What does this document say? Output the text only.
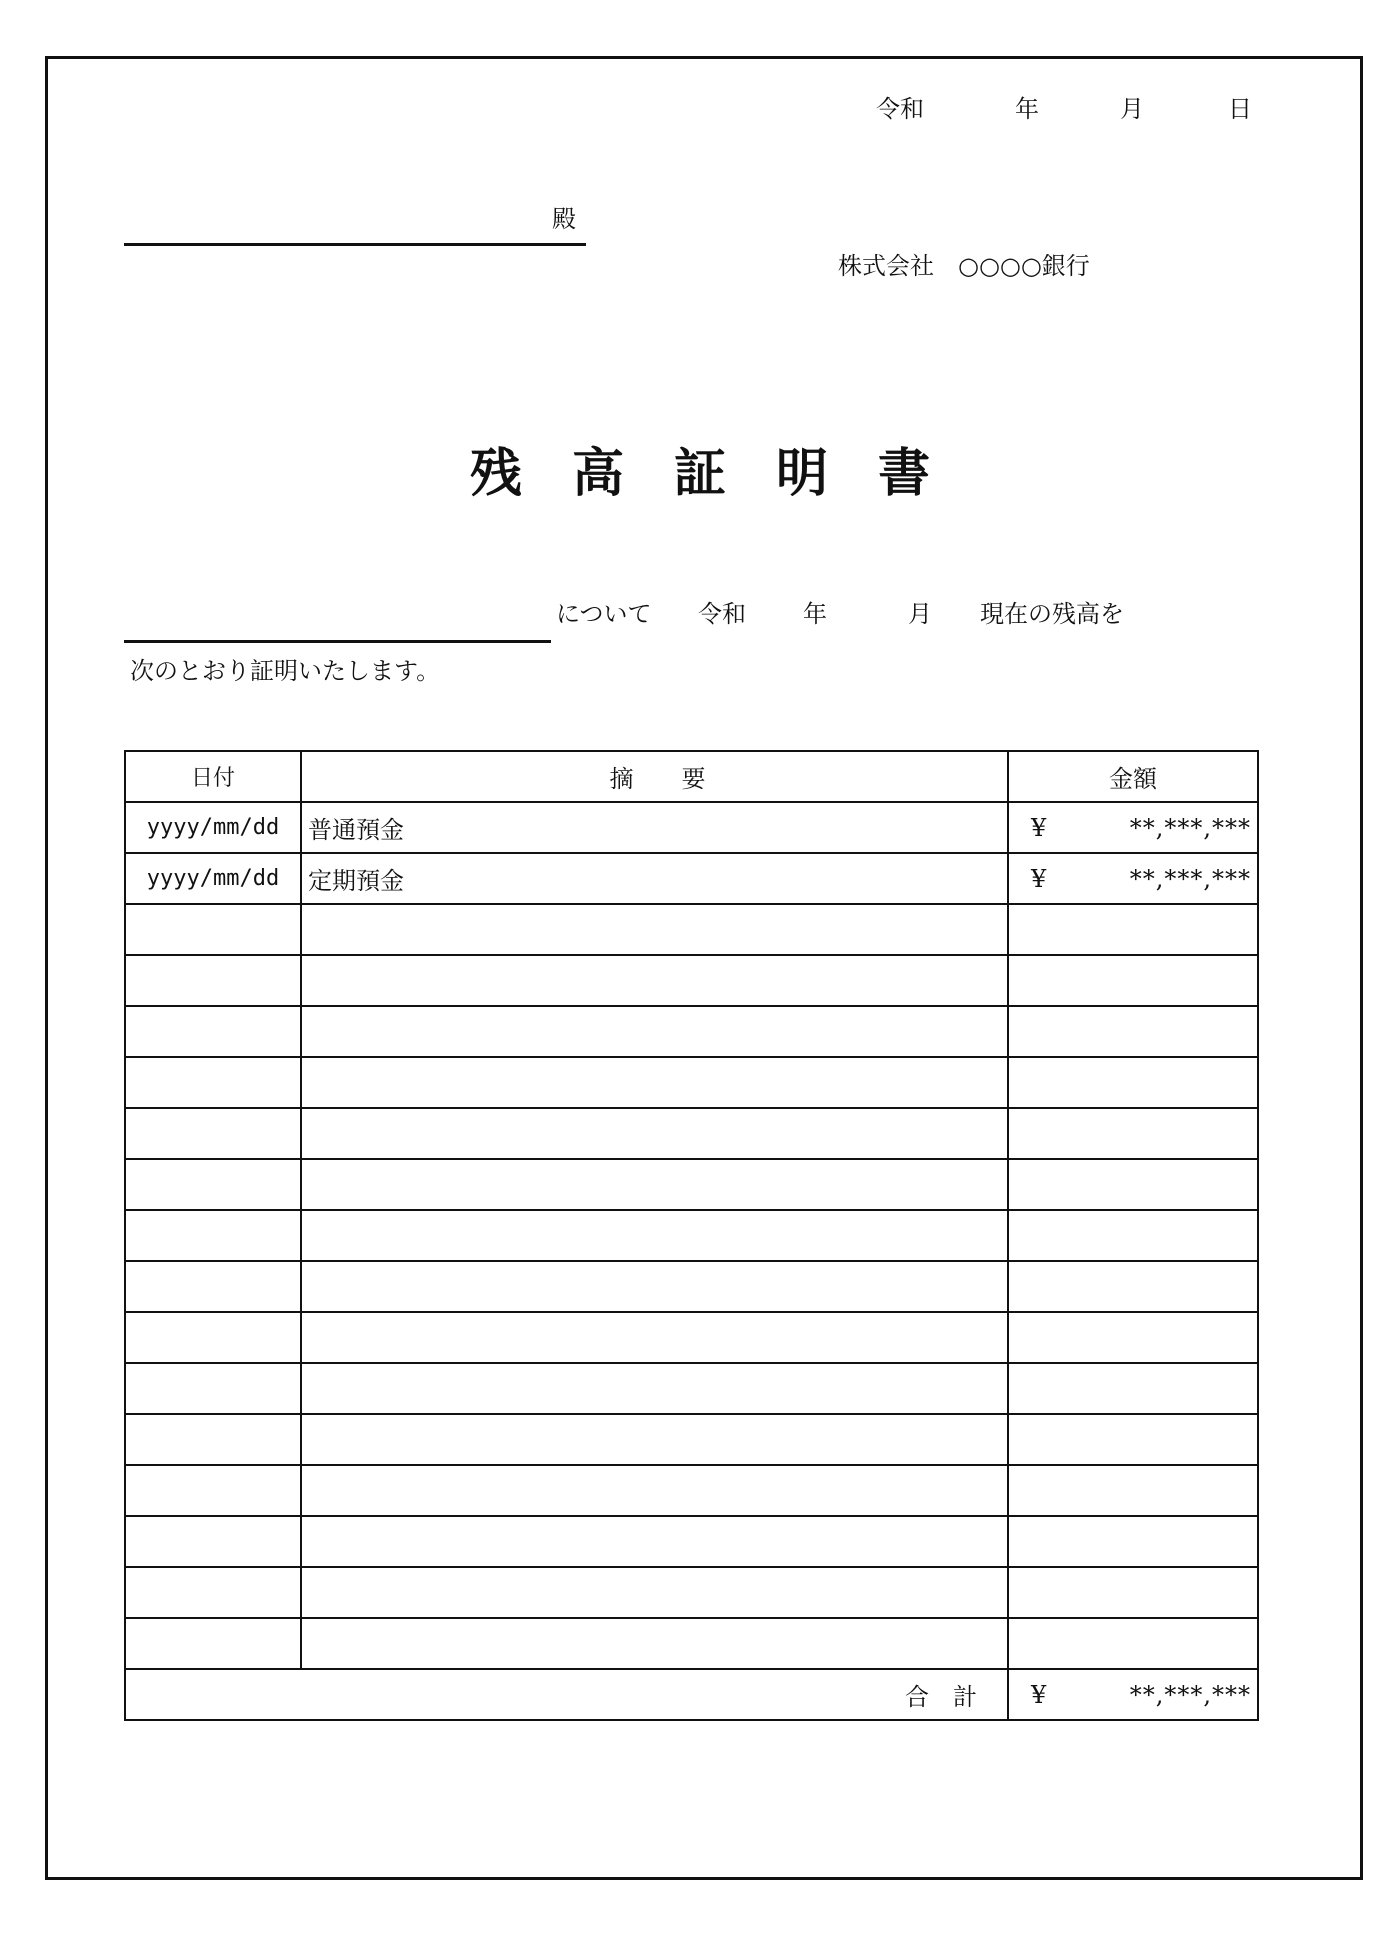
令和	年	月	日
殿
株式会社　○○○○銀行
残 高 証 明 書
について 令和 年	月 現在の残高を
次のとおり証明いたします。
日付	摘　　要	金額
yyyy/mm/dd	普通預金	¥ **,***,***

yyyy/mm/dd	定期預金	¥ **,***,***

合　計		¥ **,***,***
